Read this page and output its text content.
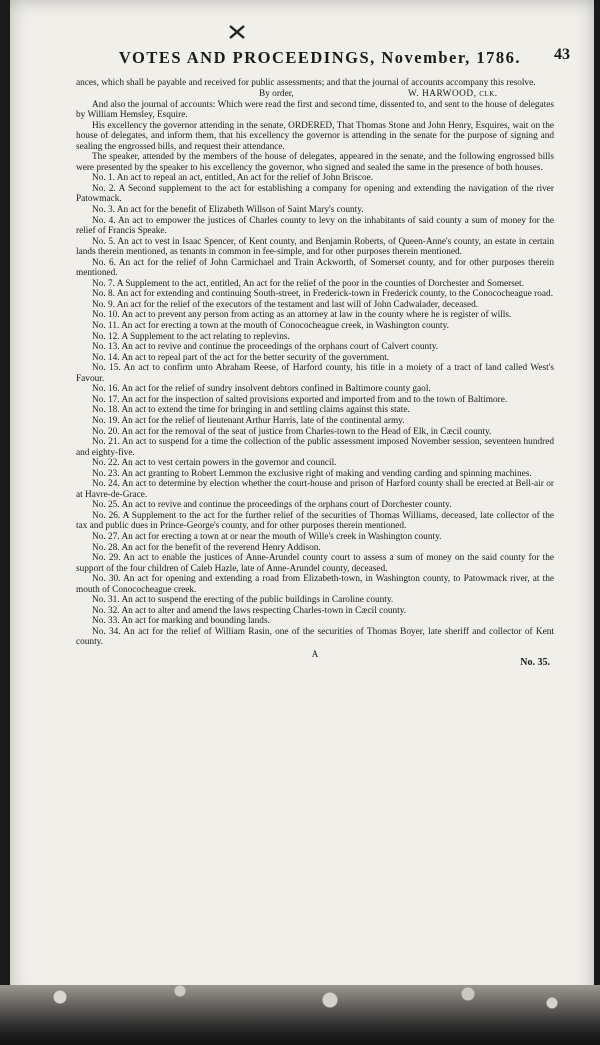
VOTES AND PROCEEDINGS, November, 1786.	43

ances, which shall be payable and received for public assessments; and that the journal of accounts accompany this resolve.

By order,	W. HARWOOD, clk.

And also the journal of accounts: Which were read the first and second time, dissented to, and sent to the house of delegates by William Hemsley, Esquire.

His excellency the governor attending in the senate, ORDERED, That Thomas Stone and John Henry, Esquires, wait on the house of delegates, and inform them, that his excellency the governor is attending in the senate for the purpose of signing and sealing the engrossed bills, and request their attendance.

The speaker, attended by the members of the house of delegates, appeared in the senate, and the following engrossed bills were presented by the speaker to his excellency the governor, who signed and sealed the same in the presence of both houses.

No. 1. An act to repeal an act, entitled, An act for the relief of John Briscoe.

No. 2. A Second supplement to the act for establishing a company for opening and extending the navigation of the river Patowmack.

No. 3. An act for the benefit of Elizabeth Willson of Saint Mary's county.

No. 4. An act to empower the justices of Charles county to levy on the inhabitants of said county a sum of money for the relief of Francis Speake.

No. 5. An act to vest in Isaac Spencer, of Kent county, and Benjamin Roberts, of Queen-Anne's county, an estate in certain lands therein mentioned, as tenants in common in fee-simple, and for other purposes therein mentioned.

No. 6. An act for the relief of John Carmichael and Train Ackworth, of Somerset county, and for other purposes therein mentioned.

No. 7. A Supplement to the act, entitled, An act for the relief of the poor in the counties of Dorchester and Somerset.

No. 8. An act for extending and continuing South-street, in Frederick-town in Frederick county, to the Conococheague road.

No. 9. An act for the relief of the executors of the testament and last will of John Cadwalader, deceased.

No. 10. An act to prevent any person from acting as an attorney at law in the county where he is register of wills.

No. 11. An act for erecting a town at the mouth of Conococheague creek, in Washington county.

No. 12. A Supplement to the act relating to replevins.

No. 13. An act to revive and continue the proceedings of the orphans court of Calvert county.

No. 14. An act to repeal part of the act for the better security of the government.

No. 15. An act to confirm unto Abraham Reese, of Harford county, his title in a moiety of a tract of land called West's Favour.

No. 16. An act for the relief of sundry insolvent debtors confined in Baltimore county gaol.

No. 17. An act for the inspection of salted provisions exported and imported from and to the town of Baltimore.

No. 18. An act to extend the time for bringing in and settling claims against this state.

No. 19. An act for the relief of lieutenant Arthur Harris, late of the continental army.

No. 20. An act for the removal of the seat of justice from Charles-town to the Head of Elk, in Cæcil county.

No. 21. An act to suspend for a time the collection of the public assessment imposed November session, seventeen hundred and eighty-five.

No. 22. An act to vest certain powers in the governor and council.

No. 23. An act granting to Robert Lemmon the exclusive right of making and vending carding and spinning machines.

No. 24. An act to determine by election whether the court-house and prison of Harford county shall be erected at Bell-air or at Havre-de-Grace.

No. 25. An act to revive and continue the proceedings of the orphans court of Dorchester county.

No. 26. A Supplement to the act for the further relief of the securities of Thomas Williams, deceased, late collector of the tax and public dues in Prince-George's county, and for other purposes therein mentioned.

No. 27. An act for erecting a town at or near the mouth of Wille's creek in Washington county.

No. 28. An act for the benefit of the reverend Henry Addison.

No. 29. An act to enable the justices of Anne-Arundel county court to assess a sum of money on the said county for the support of the four children of Caleb Hazle, late of Anne-Arundel county, deceased.

No. 30. An act for opening and extending a road from Elizabeth-town, in Washington county, to Patowmack river, at the mouth of Conococheague creek.

No. 31. An act to suspend the erecting of the public buildings in Caroline county.

No. 32. An act to alter and amend the laws respecting Charles-town in Cæcil county.

No. 33. An act for marking and bounding lands.

No. 34. An act for the relief of William Rasin, one of the securities of Thomas Boyer, late sheriff and collector of Kent county.

A
No. 35.
